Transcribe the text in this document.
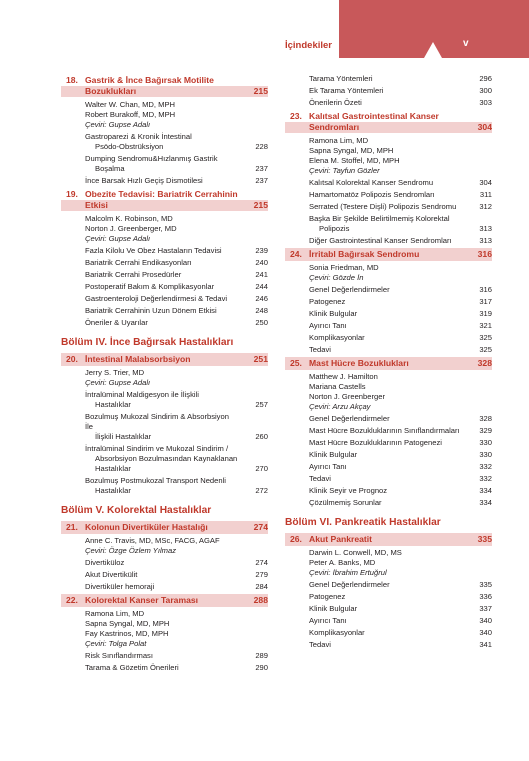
İçindekiler	v
18. Gastrik & İnce Bağırsak Motilite
Bozuklukları	215
Walter W. Chan, MD, MPH
Robert Burakoff, MD, MPH
Çeviri: Gupse Adalı
Gastroparezi & Kronik İntestinal
Psödo-Obstrüksiyon	228
Dumping Sendromu&Hızlanmış Gastrik
Boşalma	237
İnce Barsak Hızlı Geçiş Dismotilesi	237
19. Obezite Tedavisi: Bariatrik Cerrahinin
Etkisi	215
Malcolm K. Robinson, MD
Norton J. Greenberger, MD
Çeviri: Gupse Adalı
Fazla Kilolu Ve Obez Hastaların Tedavisi	239
Bariatrik Cerrahi Endikasyonları	240
Bariatrik Cerrahi Prosedürler	241
Postoperatif Bakım & Komplikasyonlar	244
Gastroenteroloji Değerlendirmesi & Tedavi	246
Bariatrik Cerrahinin Uzun Dönem Etkisi	248
Öneriler & Uyarılar	250
Bölüm IV. İnce Bağırsak Hastalıkları
20. İntestinal Malabsorbsiyon	251
Jerry S. Trier, MD
Çeviri: Gupse Adalı
İntralüminal Maldigesyon ile İlişkili
Hastalıklar	257
Bozulmuş Mukozal Sindirim & Absorbsiyon İle
İlişkili Hastalıklar	260
İntralüminal Sindirim ve Mukozal Sindirim /
Absorbsiyon Bozulmasından Kaynaklanan
Hastalıklar	270
Bozulmuş Postmukozal Transport Nedenli
Hastalıklar	272
Bölüm V. Kolorektal Hastalıklar
21. Kolonun Divertiküler Hastalığı	274
Anne C. Travis, MD, MSc, FACG, AGAF
Çeviri: Özge Özlem Yılmaz
Divertiküloz	274
Akut Divertikülit	279
Divertiküler hemoraji	284
22. Kolorektal Kanser Taraması	288
Ramona Lim, MD
Sapna Syngal, MD, MPH
Fay Kastrinos, MD, MPH
Çeviri: Tolga Polat
Risk Sınıflandırması	289
Tarama & Gözetim Önerileri	290
Tarama Yöntemleri	296
Ek Tarama Yöntemleri	300
Önerilerin Özeti	303
23. Kalıtsal Gastrointestinal Kanser
Sendromları	304
Ramona Lim, MD
Sapna Syngal, MD, MPH
Elena M. Stoffel, MD, MPH
Çeviri: Tayfun Gözler
Kalıtsal Kolorektal Kanser Sendromu	304
Hamartomatöz Polipozis Sendromları	311
Serrated (Testere Dişli) Polipozis Sendromu	312
Başka Bir Şekilde Belirtilmemiş Kolorektal
Polipozis	313
Diğer Gastrointestinal Kanser Sendromları	313
24. İrritabl Bağırsak Sendromu	316
Sonia Friedman, MD
Çeviri: Gözde İn
Genel Değerlendirmeler	316
Patogenez	317
Klinik Bulgular	319
Ayırıcı Tanı	321
Komplikasyonlar	325
Tedavi	325
25. Mast Hücre Bozuklukları	328
Matthew J. Hamilton
Mariana Castells
Norton J. Greenberger
Çeviri: Arzu Akçay
Genel Değerlendirmeler	328
Mast Hücre Bozukluklarının Sınıflandırmaları	329
Mast Hücre Bozukluklarının Patogenezi	330
Klinik Bulgular	330
Ayırıcı Tanı	332
Tedavi	332
Klinik Seyir ve Prognoz	334
Çözülmemiş Sorunlar	334
Bölüm VI. Pankreatik Hastalıklar
26. Akut Pankreatit	335
Darwin L. Conwell, MD, MS
Peter A. Banks, MD
Çeviri: İbrahim Ertuğrul
Genel Değerlendirmeler	335
Patogenez	336
Klinik Bulgular	337
Ayırıcı Tanı	340
Komplikasyonlar	340
Tedavi	341
